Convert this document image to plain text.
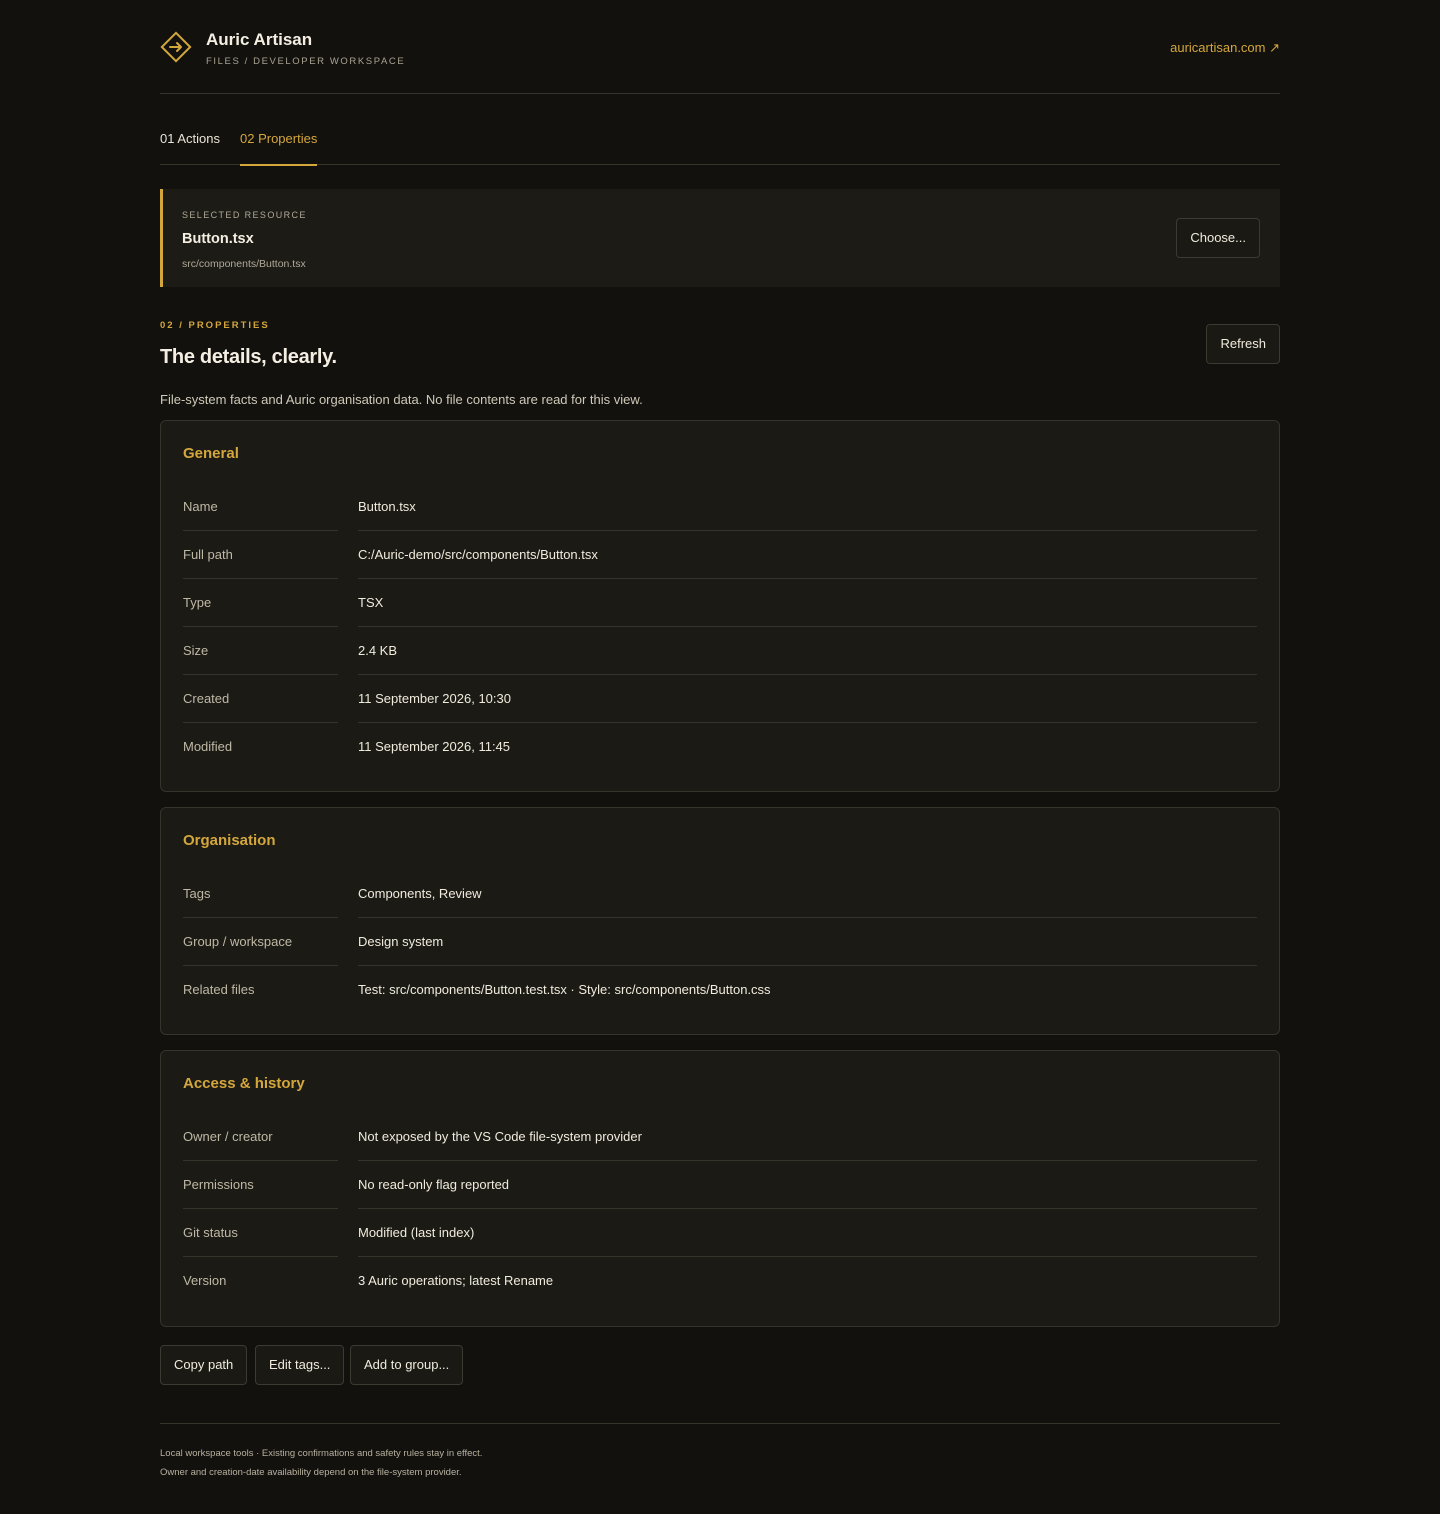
Auric Artisan
FILES / DEVELOPER WORKSPACE
auricartisan.com ↗
01 Actions 02 Properties
SELECTED RESOURCE
Button.tsx
src/components/Button.tsx
Choose...
02 / PROPERTIES
The details, clearly.
Refresh
File-system facts and Auric organisation data. No file contents are read for this view.
General
Name	Button.tsx
Full path	C:/Auric-demo/src/components/Button.tsx
Type	TSX
Size	2.4 KB
Created	11 September 2026, 10:30
Modified	11 September 2026, 11:45
Organisation
Tags	Components, Review
Group / workspace	Design system
Related files	Test: src/components/Button.test.tsx · Style: src/components/Button.css
Access & history
Owner / creator	Not exposed by the VS Code file-system provider
Permissions	No read-only flag reported
Git status	Modified (last index)
Version	3 Auric operations; latest Rename
Copy path	Edit tags...	Add to group...
Local workspace tools · Existing confirmations and safety rules stay in effect.
Owner and creation-date availability depend on the file-system provider.
